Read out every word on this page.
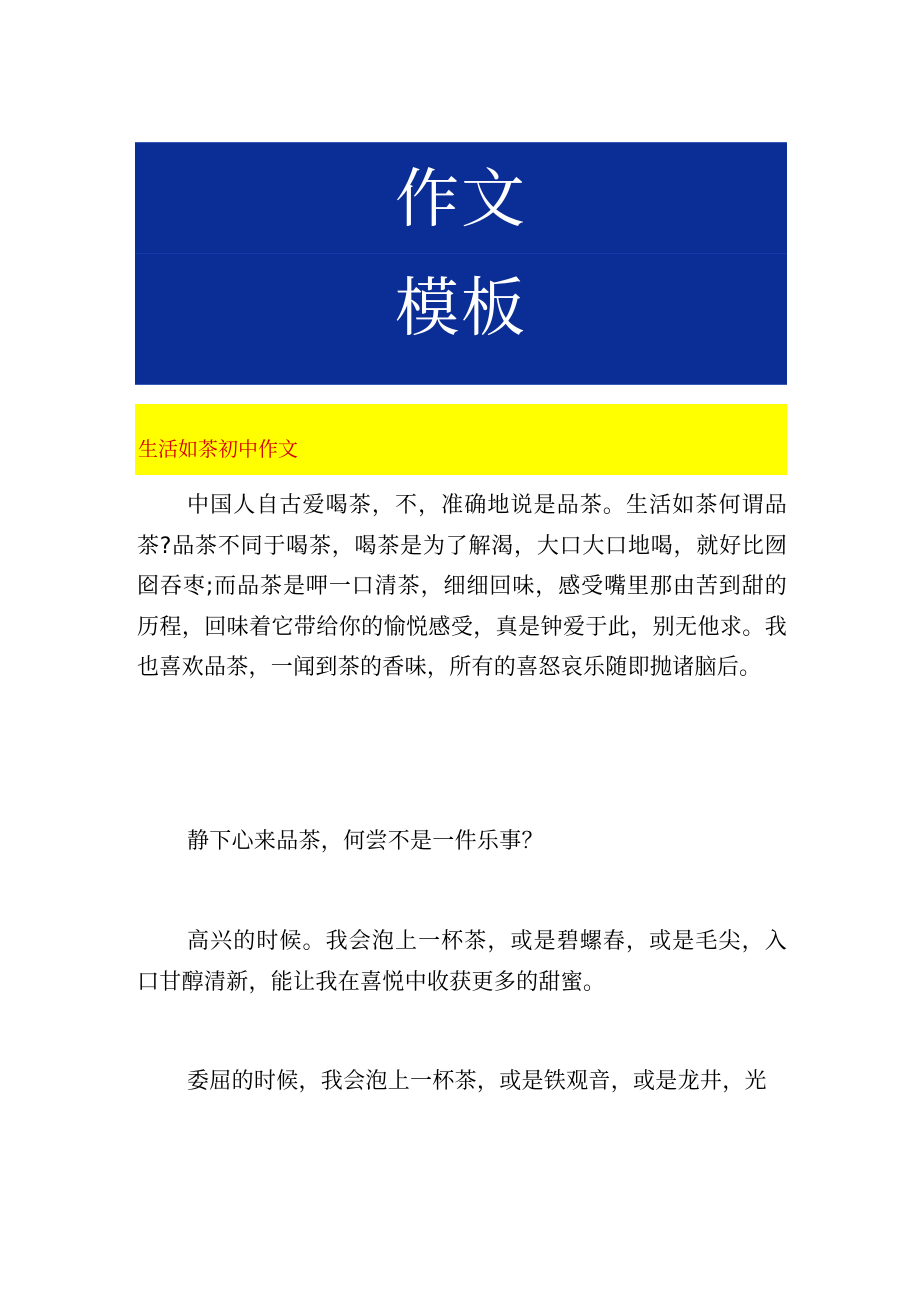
作文
模板
生活如茶初中作文

中国人自古爱喝茶，不，准确地说是品茶。生活如茶何谓品茶?品茶不同于喝茶，喝茶是为了解渴，大口大口地喝，就好比囫囵吞枣;而品茶是呷一口清茶，细细回味，感受嘴里那由苦到甜的历程，回味着它带给你的愉悦感受，真是钟爱于此，别无他求。我也喜欢品茶，一闻到茶的香味，所有的喜怒哀乐随即抛诸脑后。

静下心来品茶，何尝不是一件乐事？

高兴的时候。我会泡上一杯茶，或是碧螺春，或是毛尖，入口甘醇清新，能让我在喜悦中收获更多的甜蜜。

委屈的时候，我会泡上一杯茶，或是铁观音，或是龙井，光
